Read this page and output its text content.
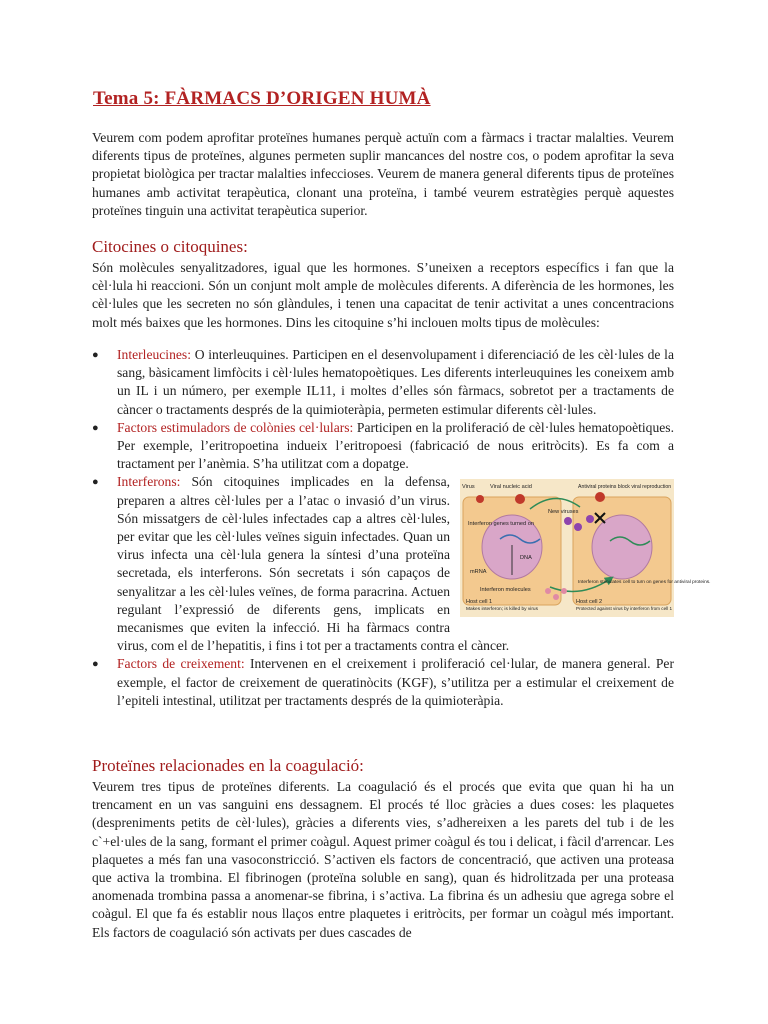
Tema 5: FÀRMACS D’ORIGEN HUMÀ

Veurem com podem aprofitar proteïnes humanes perquè actuïn com a fàrmacs i tractar malalties. Veurem diferents tipus de proteïnes, algunes permeten suplir mancances del nostre cos, o podem aprofitar la seva propietat biològica per tractar malalties infeccioses. Veurem de manera general diferents tipus de proteïnes humanes amb activitat terapèutica, clonant una proteïna, i també veurem estratègies perquè aquestes proteïnes tinguin una activitat terapèutica superior.

Citocines o citoquines:

Són molècules senyalitzadores, igual que les hormones. S’uneixen a receptors específics i fan que la cèl·lula hi reaccioni. Són un conjunt molt ample de molècules diferents. A diferència de les hormones, les cèl·lules que les secreten no són glàndules, i tenen una capacitat de tenir activitat a unes concentracions molt més baixes que les hormones. Dins les citoquine s’hi inclouen molts tipus de molècules:

●	Interleucines: O interleuquines. Participen en el desenvolupament i diferenciació de les cèl·lules de la sang, bàsicament limfòcits i cèl·lules hematopoètiques. Les diferents interleuquines les coneixem amb un IL i un número, per exemple IL11, i moltes d’elles són fàrmacs, sobretot per a tractaments de càncer o tractaments després de la quimioteràpia, permeten estimular diferents cèl·lules.
●	Factors estimuladors de colònies cel·lulars: Participen en la proliferació de cèl·lules hematopoètiques. Per exemple, l’eritropoetina indueix l’eritropoesi (fabricació de nous eritròcits). Es fa com a tractament per l’anèmia. S’ha utilitzat com a dopatge.
●	Virus	Viral nucleic acid
New viruses
Antiviral proteins block viral reproduction
Interferon genes turned on
DNA
mRNA
Interferon molecules
Interferon stimulates cell to turn on genes for antiviral proteins.
Host cell 1
Makes interferon; is killed by virus
Host cell 2
Protected against virus by interferon from cell 1
Interferons: Són citoquines implicades en la defensa, preparen a altres cèl·lules per a l’atac o invasió d’un virus. Són missatgers de cèl·lules infectades cap a altres cèl·lules, per evitar que les cèl·lules veïnes siguin infectades. Quan un virus infecta una cèl·lula genera la síntesi d’una proteïna secretada, els interferons. Són secretats i són capaços de senyalitzar a les cèl·lules veïnes, de forma paracrina. Actuen regulant l’expressió de diferents gens, implicats en mecanismes que eviten la infecció. Hi ha fàrmacs contra virus, com el de l’hepatitis, i fins i tot per a tractaments contra el càncer.
●	Factors de creixement: Intervenen en el creixement i proliferació cel·lular, de manera general. Per exemple, el factor de creixement de queratinòcits (KGF), s’utilitza per a estimular el creixement de l’epiteli intestinal, utilitzat per tractaments després de la quimioteràpia.
Proteïnes relacionades en la coagulació:

Veurem tres tipus de proteïnes diferents. La coagulació és el procés que evita que quan hi ha un trencament en un vas sanguini ens dessagnem. El procés té lloc gràcies a dues coses: les plaquetes (despreniments petits de cèl·lules), gràcies a diferents vies, s’adhereixen a les parets del tub i de les c`+el·ules de la sang, formant el primer coàgul. Aquest primer coàgul és tou i delicat, i fàcil d'arrencar. Les plaquetes a més fan una vasoconstricció. S’activen els factors de concentració, que activen una proteasa que activa la trombina. El fibrinogen (proteïna soluble en sang), quan és hidrolitzada per una proteasa anomenada trombina passa a anomenar-se fibrina, i s’activa. La fibrina és un adhesiu que agrega sobre el coàgul. El que fa és establir nous llaços entre plaquetes i eritròcits, per formar un coàgul més important. Els factors de coagulació són activats per dues cascades de
